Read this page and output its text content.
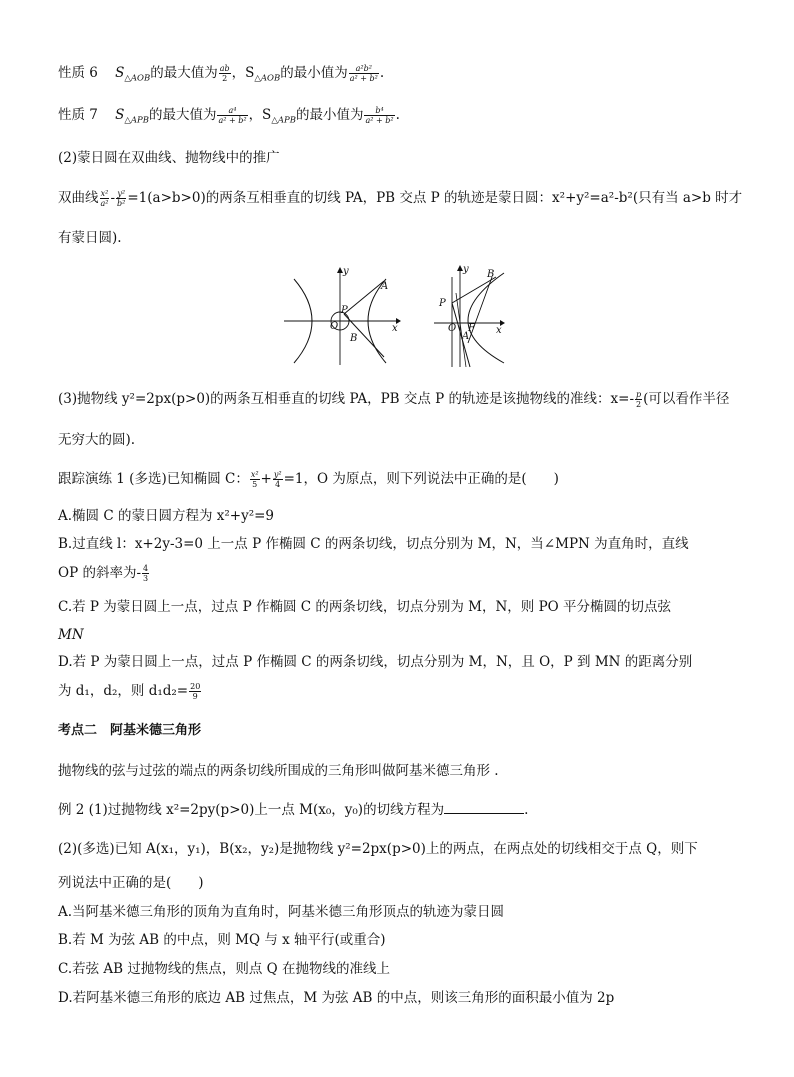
性质 6 $S_{\triangle AOB}$的最大值为 $\frac{ab}{2}$ ，$S_{\triangle AOB}$的最小值为 $\frac{\text{a²b²}}{\text{a² + b²}}$ .
性质 7 $S_{\triangle APB}$的最大值为 $\frac{\text{a⁴}}{\text{a² + b²}}$ ，$S_{\triangle APB}$的最小值为 $\frac{\text{b⁴}}{\text{a² + b²}}$ .
(2)蒙日圆在双曲线、抛物线中的推广
双曲线 $\frac{\text{x²}}{\text{a²}} - \frac{\text{y²}}{\text{b²}} =1(a>b>0)$的两条互相垂直的切线 PA，PB 交点 P 的轨迹是蒙日圆：x²+y²=a²-b²(只有当 a>b 时才
有蒙日圆).
y
x
P
O
A
B
y
x
P
O F
A
B
(3)抛物线 y²=2px(p>0)的两条互相垂直的切线 PA，PB 交点 P 的轨迹是该抛物线的准线：$x=- \frac{p}{2}$ (可以看作半径
无穷大的圆).
跟踪演练 1 (多选)已知椭圆 C： $\frac{\text{x²}}{5} + \frac{\text{y²}}{4} =1$，O 为原点，则下列说法中正确的是(　　)
A.椭圆 C 的蒙日圆方程为 x²+y²=9
B.过直线 l：x+2y-3=0 上一点 P 作椭圆 C 的两条切线，切点分别为 M，N，当∠MPN 为直角时，直线
OP 的斜率为- $\frac{4}{3}$
C.若 P 为蒙日圆上一点，过点 P 作椭圆 C 的两条切线，切点分别为 M，N，则 PO 平分椭圆的切点弦
MN
D.若 P 为蒙日圆上一点，过点 P 作椭圆 C 的两条切线，切点分别为 M，N，且 O，P 到 MN 的距离分别
为 d₁，d₂，则 $d_1d_2= \frac{20}{9}$
考点二　阿基米德三角形
抛物线的弦与过弦的端点的两条切线所围成的三角形叫做阿基米德三角形 .
例 2 (1)过抛物线 x²=2py(p>0)上一点 M(x₀，y₀)的切线方程为	.
(2)(多选)已知 A(x₁，y₁)，B(x₂，y₂)是抛物线 y²=2px(p>0)上的两点，在两点处的切线相交于点 Q，则下
列说法中正确的是(　　)
A.当阿基米德三角形的顶角为直角时，阿基米德三角形顶点的轨迹为蒙日圆
B.若 M 为弦 AB 的中点，则 MQ 与 x 轴平行(或重合)
C.若弦 AB 过抛物线的焦点，则点 Q 在抛物线的准线上
D.若阿基米德三角形的底边 AB 过焦点，M 为弦 AB 的中点，则该三角形的面积最小值为 2p
